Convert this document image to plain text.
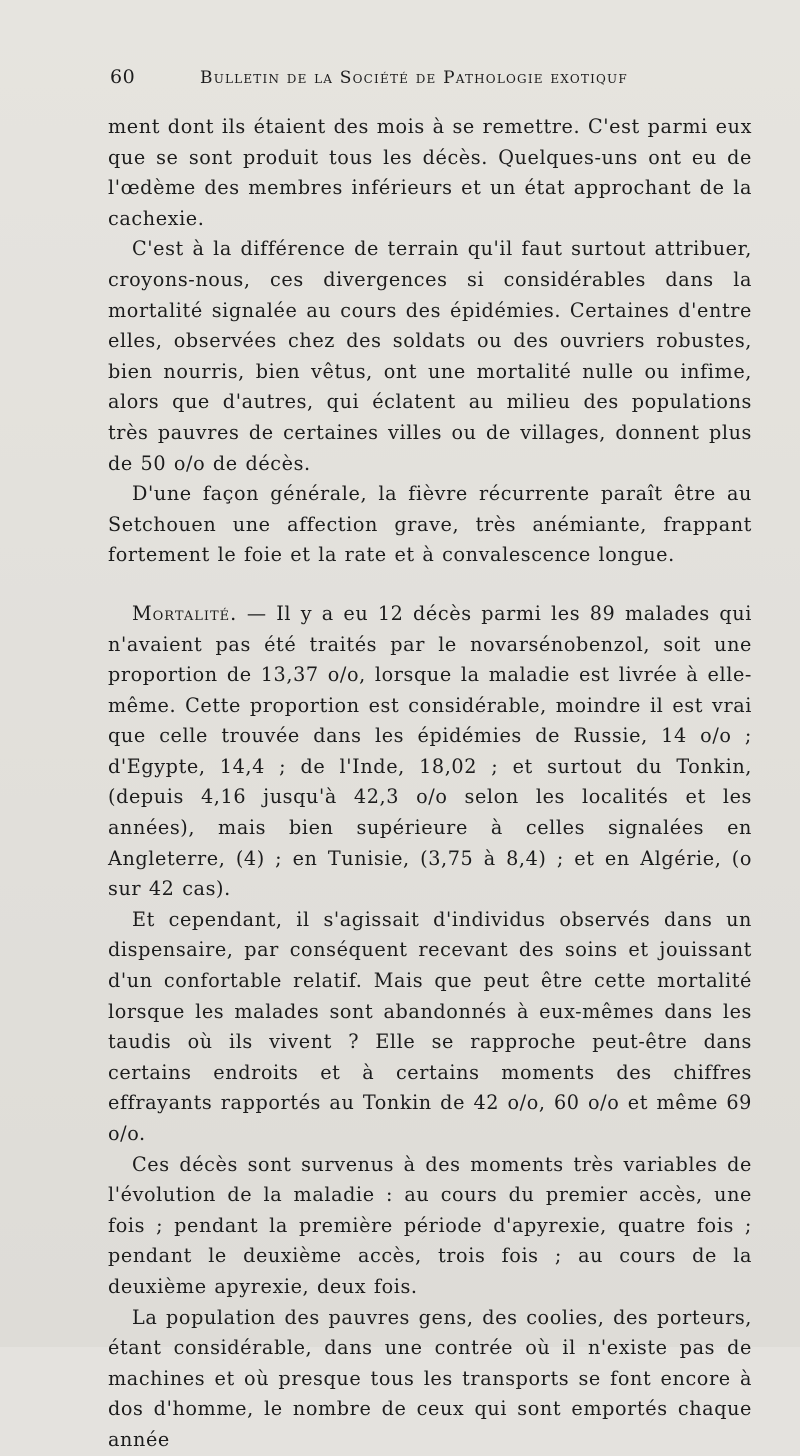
60	Bulletin de la Société de Pathologie exotiquf

ment dont ils étaient des mois à se remettre. C'est parmi eux que se sont produit tous les décès. Quelques-uns ont eu de l'œdème des membres inférieurs et un état approchant de la cachexie.

C'est à la différence de terrain qu'il faut surtout attribuer, croyons-nous, ces divergences si considérables dans la mortalité signalée au cours des épidémies. Certaines d'entre elles, observées chez des soldats ou des ouvriers robustes, bien nourris, bien vêtus, ont une mortalité nulle ou infime, alors que d'autres, qui éclatent au milieu des populations très pauvres de certaines villes ou de villages, donnent plus de 50 o/o de décès.

D'une façon générale, la fièvre récurrente paraît être au Setchouen une affection grave, très anémiante, frappant fortement le foie et la rate et à convalescence longue.

Mortalité. — Il y a eu 12 décès parmi les 89 malades qui n'avaient pas été traités par le novarsénobenzol, soit une proportion de 13,37 o/o, lorsque la maladie est livrée à elle-même. Cette proportion est considérable, moindre il est vrai que celle trouvée dans les épidémies de Russie, 14 o/o ; d'Egypte, 14,4 ; de l'Inde, 18,02 ; et surtout du Tonkin, (depuis 4,16 jusqu'à 42,3 o/o selon les localités et les années), mais bien supérieure à celles signalées en Angleterre, (4) ; en Tunisie, (3,75 à 8,4) ; et en Algérie, (o sur 42 cas).

Et cependant, il s'agissait d'individus observés dans un dispensaire, par conséquent recevant des soins et jouissant d'un confortable relatif. Mais que peut être cette mortalité lorsque les malades sont abandonnés à eux-mêmes dans les taudis où ils vivent ? Elle se rapproche peut-être dans certains endroits et à certains moments des chiffres effrayants rapportés au Tonkin de 42 o/o, 60 o/o et même 69 o/o.

Ces décès sont survenus à des moments très variables de l'évolution de la maladie : au cours du premier accès, une fois ; pendant la première période d'apyrexie, quatre fois ; pendant le deuxième accès, trois fois ; au cours de la deuxième apyrexie, deux fois.

La population des pauvres gens, des coolies, des porteurs, étant considérable, dans une contrée où il n'existe pas de machines et où presque tous les transports se font encore à dos d'homme, le nombre de ceux qui sont emportés chaque année
